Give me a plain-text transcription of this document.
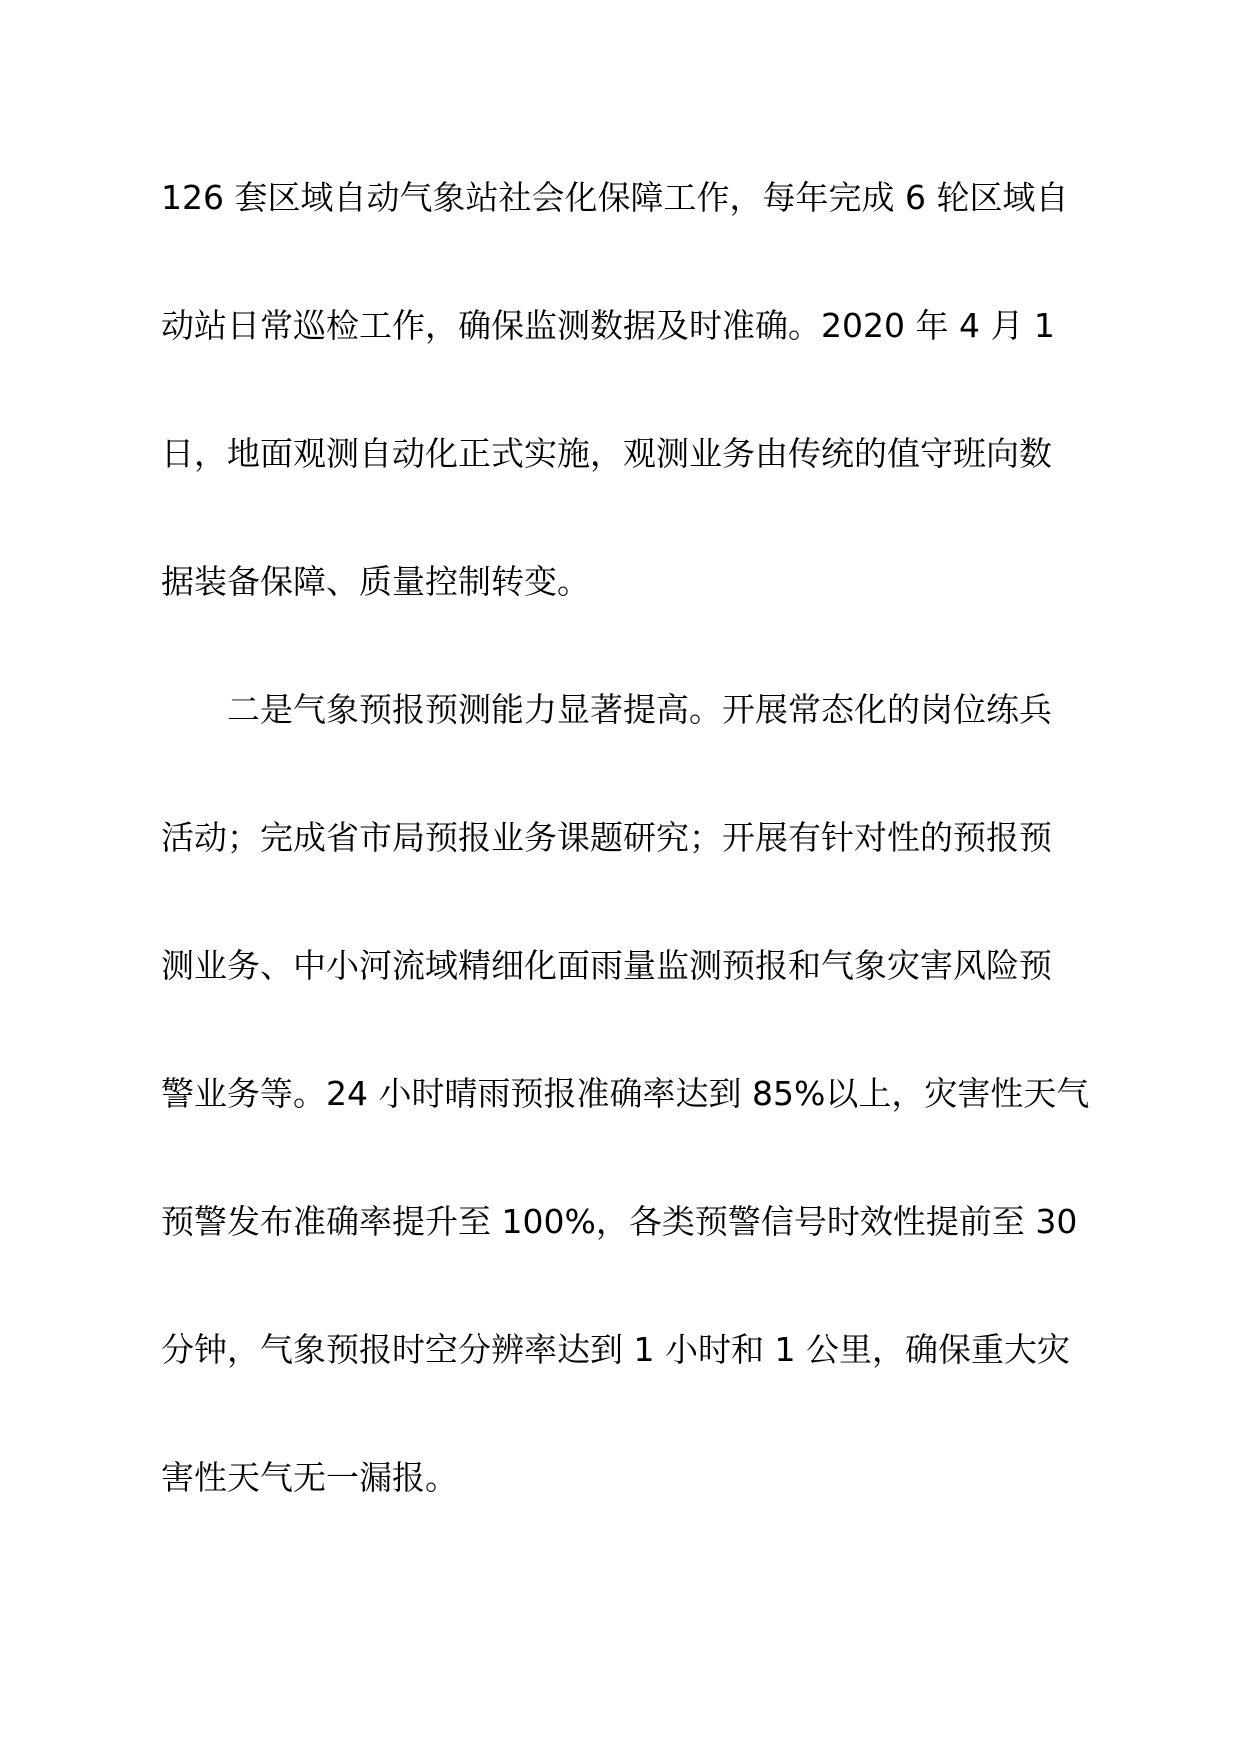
126 套区域自动气象站社会化保障工作，每年完成 6 轮区域自
动站日常巡检工作，确保监测数据及时准确。2020 年 4 月 1
日，地面观测自动化正式实施，观测业务由传统的值守班向数
据装备保障、质量控制转变。
二是气象预报预测能力显著提高。开展常态化的岗位练兵
活动；完成省市局预报业务课题研究；开展有针对性的预报预
测业务、中小河流域精细化面雨量监测预报和气象灾害风险预
警业务等。24 小时晴雨预报准确率达到 85%以上，灾害性天气
预警发布准确率提升至 100%，各类预警信号时效性提前至 30
分钟，气象预报时空分辨率达到 1 小时和 1 公里，确保重大灾
害性天气无一漏报。
